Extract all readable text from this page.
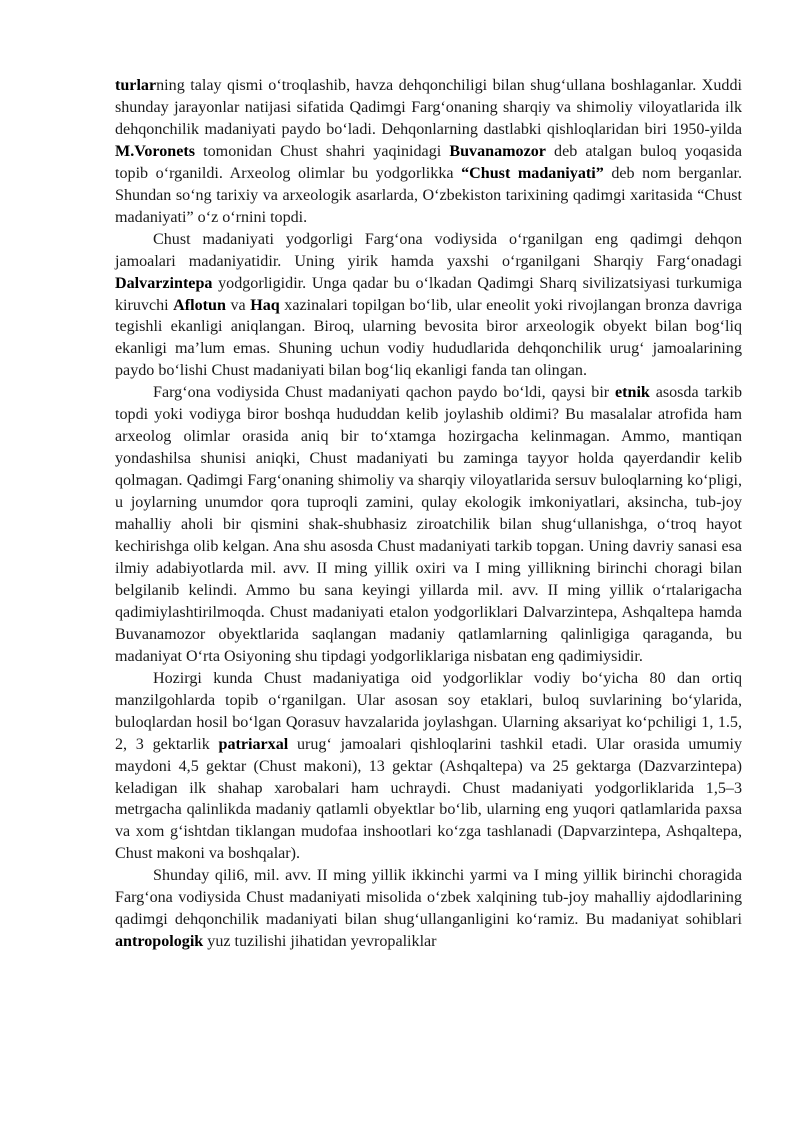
turlarning talay qismi o‘troqlashib, havza dehqonchiligi bilan shug‘ullana boshlaganlar. Xuddi shunday jarayonlar natijasi sifatida Qadimgi Farg‘onaning sharqiy va shimoliy viloyatlarida ilk dehqonchilik madaniyati paydo bo‘ladi. Dehqonlarning dastlabki qishloqlaridan biri 1950-yilda M.Voronets tomonidan Chust shahri yaqinidagi Buvanamozor deb atalgan buloq yoqasida topib o‘rganildi. Arxeolog olimlar bu yodgorlikka “Chust madaniyati” deb nom berganlar. Shundan so‘ng tarixiy va arxeologik asarlarda, O‘zbekiston tarixining qadimgi xaritasida “Chust madaniyati” o‘z o‘rnini topdi.

Chust madaniyati yodgorligi Farg‘ona vodiysida o‘rganilgan eng qadimgi dehqon jamoalari madaniyatidir. Uning yirik hamda yaxshi o‘rganilgani Sharqiy Farg‘onadagi Dalvarzintepa yodgorligidir. Unga qadar bu o‘lkadan Qadimgi Sharq sivilizatsiyasi turkumiga kiruvchi Aflotun va Haq xazinalari topilgan bo‘lib, ular eneolit yoki rivojlangan bronza davriga tegishli ekanligi aniqlangan. Biroq, ularning bevosita biror arxeologik obyekt bilan bog‘liq ekanligi ma’lum emas. Shuning uchun vodiy hududlarida dehqonchilik urug‘ jamoalarining paydo bo‘lishi Chust madaniyati bilan bog‘liq ekanligi fanda tan olingan.

Farg‘ona vodiysida Chust madaniyati qachon paydo bo‘ldi, qaysi bir etnik asosda tarkib topdi yoki vodiyga biror boshqa hududdan kelib joylashib oldimi? Bu masalalar atrofida ham arxeolog olimlar orasida aniq bir to‘xtamga hozirgacha kelinmagan. Ammo, mantiqan yondashilsa shunisi aniqki, Chust madaniyati bu zaminga tayyor holda qayerdandir kelib qolmagan. Qadimgi Farg‘onaning shimoliy va sharqiy viloyatlarida sersuv buloqlarning ko‘pligi, u joylarning unumdor qora tuproqli zamini, qulay ekologik imkoniyatlari, aksincha, tub-joy mahalliy aholi bir qismini shak-shubhasiz ziroatchilik bilan shug‘ullanishga, o‘troq hayot kechirishga olib kelgan. Ana shu asosda Chust madaniyati tarkib topgan. Uning davriy sanasi esa ilmiy adabiyotlarda mil. avv. II ming yillik oxiri va I ming yillikning birinchi choragi bilan belgilanib kelindi. Ammo bu sana keyingi yillarda mil. avv. II ming yillik o‘rtalarigacha qadimiylashtirilmoqda. Chust madaniyati etalon yodgorliklari Dalvarzintepa, Ashqaltepa hamda Buvanamozor obyektlarida saqlangan madaniy qatlamlarning qalinligiga qaraganda, bu madaniyat O‘rta Osiyoning shu tipdagi yodgorliklariga nisbatan eng qadimiysidir.

Hozirgi kunda Chust madaniyatiga oid yodgorliklar vodiy bo‘yicha 80 dan ortiq manzilgohlarda topib o‘rganilgan. Ular asosan soy etaklari, buloq suvlarining bo‘ylarida, buloqlardan hosil bo‘lgan Qorasuv havzalarida joylashgan. Ularning aksariyat ko‘pchiligi 1, 1.5, 2, 3 gektarlik patriarxal urug‘ jamoalari qishloqlarini tashkil etadi. Ular orasida umumiy maydoni 4,5 gektar (Chust makoni), 13 gektar (Ashqaltepa) va 25 gektarga (Dazvarzintepa) keladigan ilk shahap xarobalari ham uchraydi. Chust madaniyati yodgorliklarida 1,5–3 metrgacha qalinlikda madaniy qatlamli obyektlar bo‘lib, ularning eng yuqori qatlamlarida paxsa va xom g‘ishtdan tiklangan mudofaa inshootlari ko‘zga tashlanadi (Dapvarzintepa, Ashqaltepa, Chust makoni va boshqalar).

Shunday qili6, mil. avv. II ming yillik ikkinchi yarmi va I ming yillik birinchi choragida Farg‘ona vodiysida Chust madaniyati misolida o‘zbek xalqining tub-joy mahalliy ajdodlarining qadimgi dehqonchilik madaniyati bilan shug‘ullanganligini ko‘ramiz. Bu madaniyat sohiblari antropologik yuz tuzilishi jihatidan yevropaliklar
